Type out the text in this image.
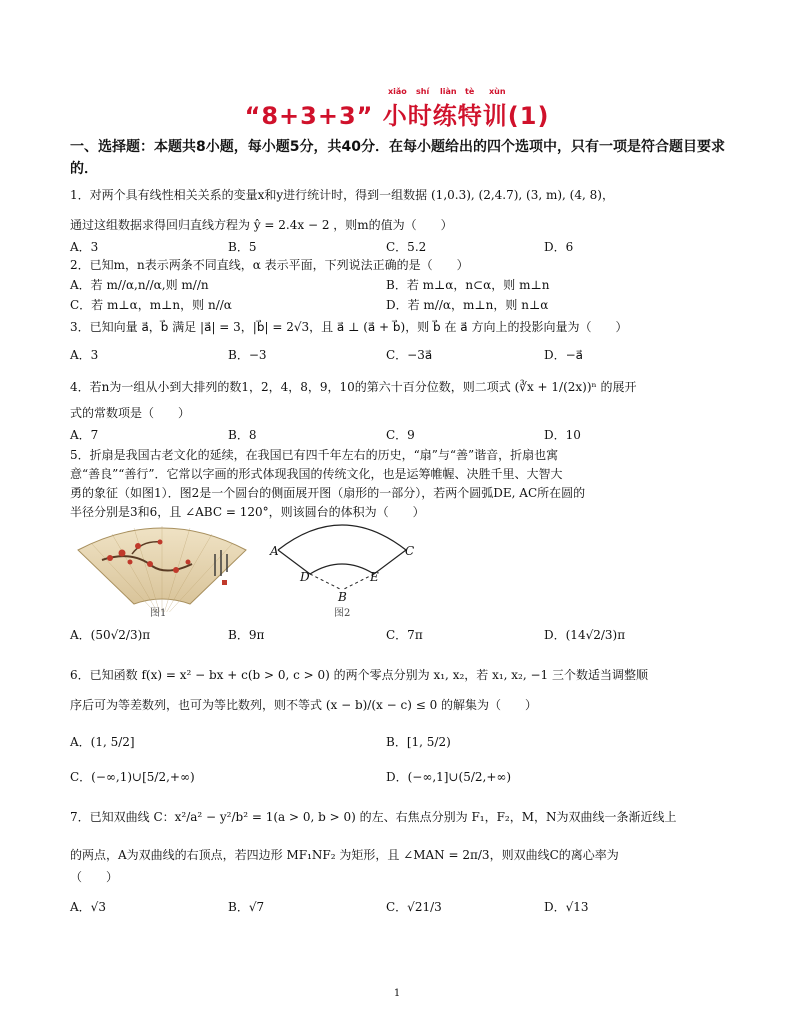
xiǎo shí liàn tè xùn
“8+3+3” 小时练特训(1)
一、选择题：本题共8小题，每小题5分，共40分．在每小题给出的四个选项中，只有一项是符合题目要求的．
1．对两个具有线性相关关系的变量x和y进行统计时，得到一组数据 (1,0.3), (2,4.7), (3, m), (4, 8)，
通过这组数据求得回归直线方程为 ŷ = 2.4x − 2 ，则m的值为（　　）
A．3	B．5	C．5.2	D．6
2．已知m，n表示两条不同直线，α 表示平面，下列说法正确的是（　　）
A．若 m//α,n//α,则 m//n	B．若 m⊥α，n⊂α，则 m⊥n
C．若 m⊥α，m⊥n，则 n//α	D．若 m//α，m⊥n，则 n⊥α
3．已知向量 a⃗，b⃗ 满足 |a⃗| = 3，|b⃗| = 2√3，且 a⃗ ⊥ (a⃗ + b⃗)，则 b⃗ 在 a⃗ 方向上的投影向量为（　　）
A．3	B．−3	C．−3a⃗	D．−a⃗
4．若n为一组从小到大排列的数1，2，4，8，9，10的第六十百分位数，则二项式 (∛x + 1/(2x))ⁿ 的展开
式的常数项是（　　）
A．7	B．8	C．9	D．10
5．折扇是我国古老文化的延续，在我国已有四千年左右的历史，“扇”与“善”谐音，折扇也寓
意“善良”“善行”．它常以字画的形式体现我国的传统文化，也是运筹帷幄、决胜千里、大智大
勇的象征（如图1）．图2是一个圆台的侧面展开图（扇形的一部分），若两个圆弧DE, AC所在圆的
半径分别是3和6，且 ∠ABC = 120°，则该圆台的体积为（　　）
图1
A	C
D	E
B
图2
A．(50√2/3)π	B．9π	C．7π	D．(14√2/3)π
6．已知函数 f(x) = x² − bx + c(b > 0, c > 0) 的两个零点分别为 x₁, x₂，若 x₁, x₂, −1 三个数适当调整顺
序后可为等差数列，也可为等比数列，则不等式 (x − b)/(x − c) ≤ 0 的解集为（　　）
A．(1, 5/2]	B．[1, 5/2)
C．(−∞,1)∪[5/2,+∞)	D．(−∞,1]∪(5/2,+∞)
7．已知双曲线 C：x²/a² − y²/b² = 1(a > 0, b > 0) 的左、右焦点分别为 F₁，F₂，M，N为双曲线一条渐近线上
的两点，A为双曲线的右顶点，若四边形 MF₁NF₂ 为矩形，且 ∠MAN = 2π/3，则双曲线C的离心率为
（　　）
A．√3	B．√7	C．√21/3	D．√13
1
